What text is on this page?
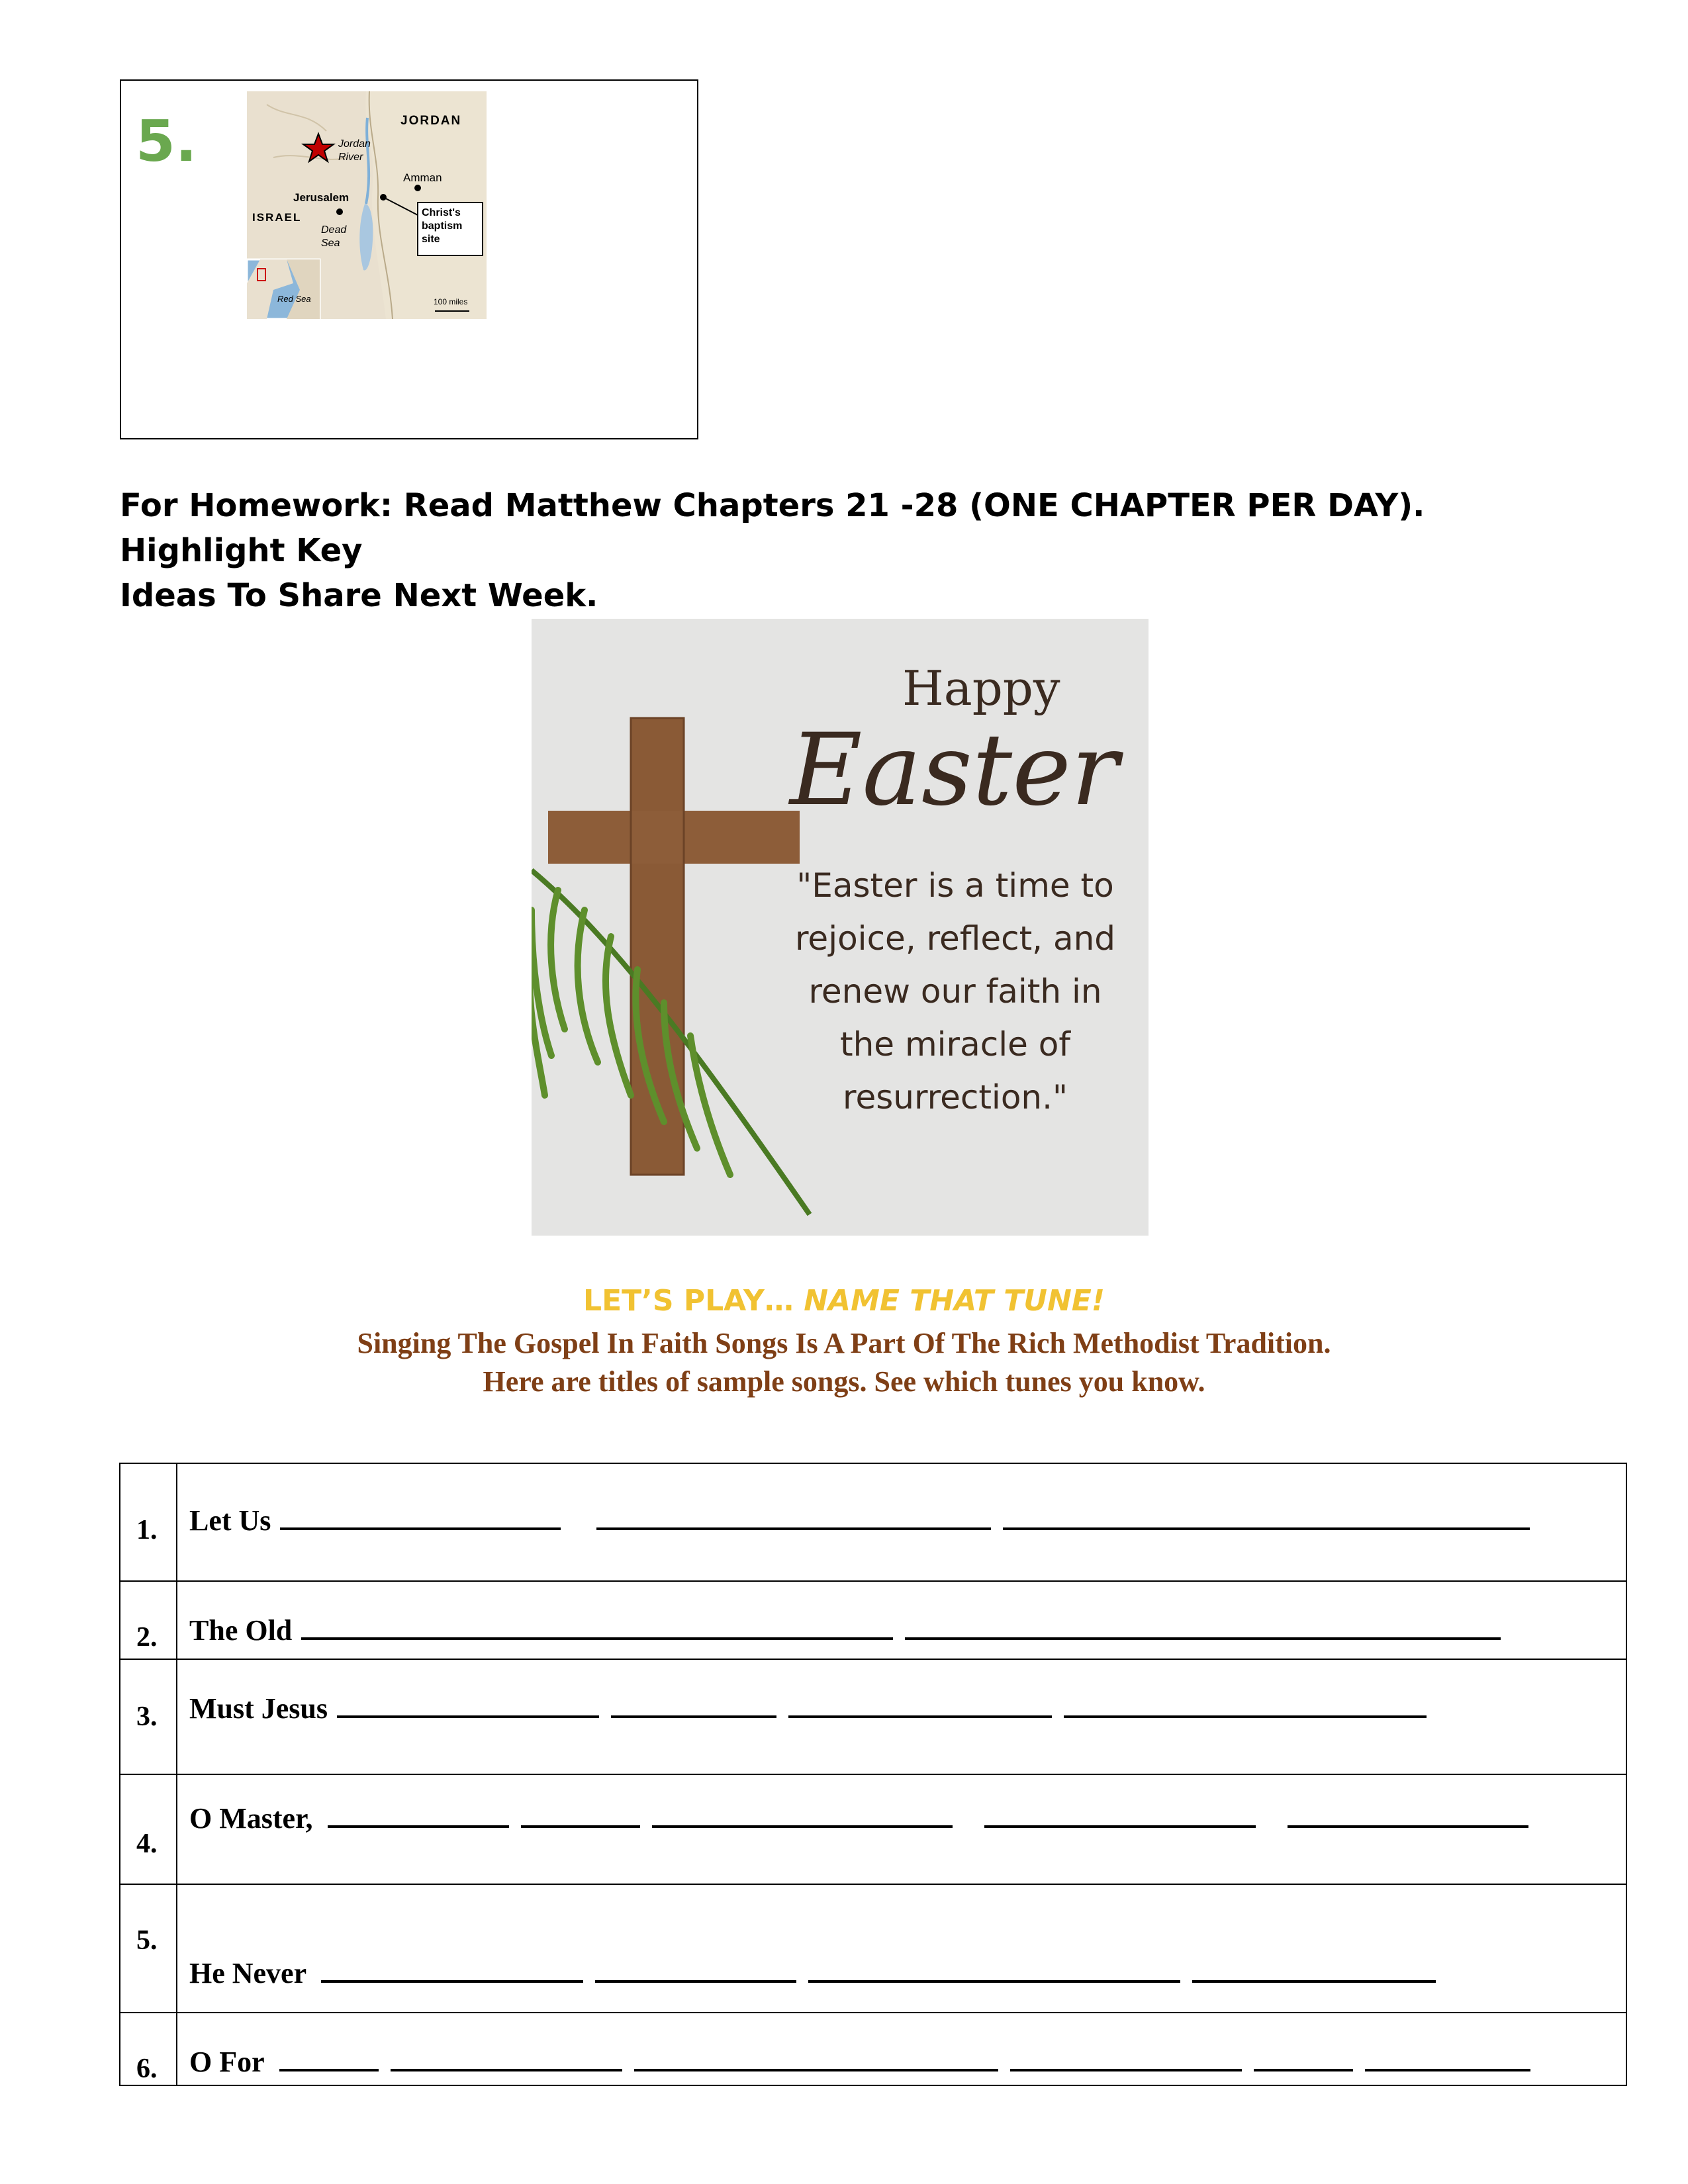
5.	JORDAN
Jordan
River
Amman
Jerusalem
ISRAEL
Dead
Sea
Christ's
baptism
site
Red Sea	100 miles
For Homework: Read Matthew Chapters 21 -28 (ONE CHAPTER PER DAY). Highlight Key
Ideas To Share Next Week.
Happy
Easter
"Easter is a time to
rejoice, reflect, and
renew our faith in
the miracle of
resurrection."
LET’S PLAY… NAME THAT TUNE!
Singing The Gospel In Faith Songs Is A Part Of The Rich Methodist Tradition.
Here are titles of sample songs. See which tunes you know.
1. Let Us
2. The Old
3. Must Jesus
4.
O Master,
5.
He Never
6. O For
